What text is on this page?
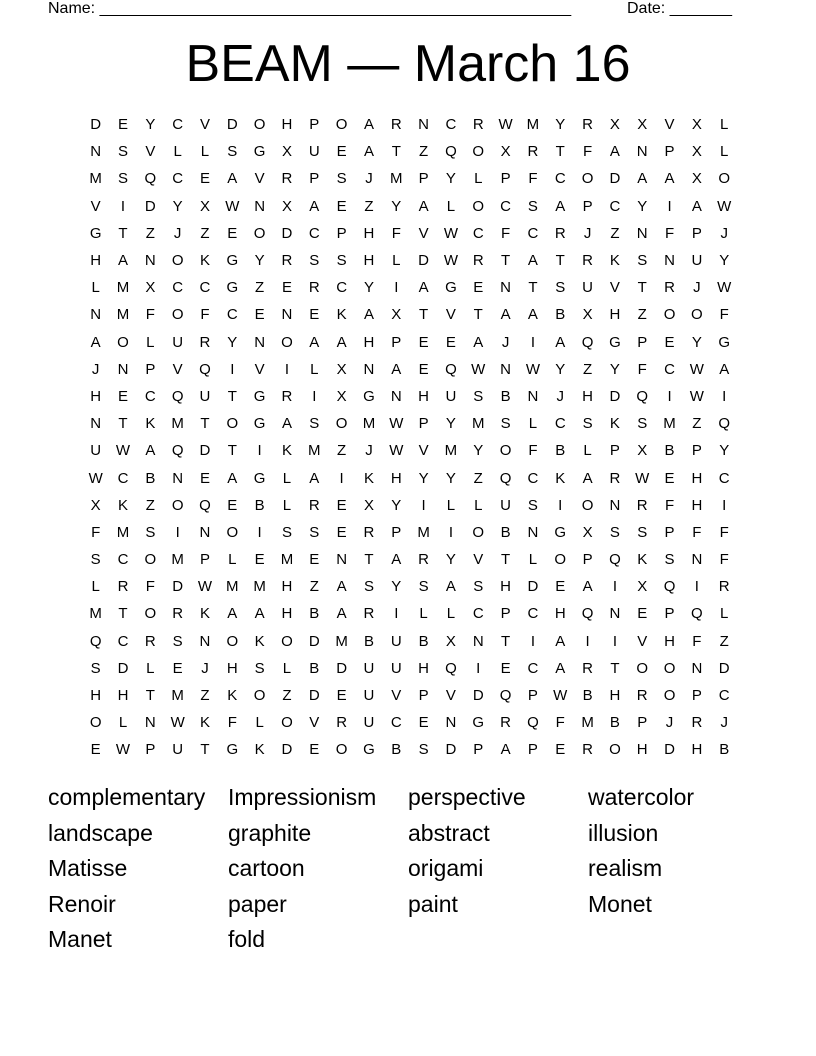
Name: _____________________________________________________	Date: _______
BEAM — March 16
D	E	Y	C	V	D	O	H	P	O	A	R	N	C	R W M	Y	R	X	X	V	X	L
N	S	V	L	L	S	G	X	U	E	A	T	Z	Q	O	X	R	T	F	A	N	P	X	L
M	S	Q	C	E	A	V	R	P	S	J	M	P	Y	L	P	F	C	O	D	A	A	X	O
V	I	D	Y	X	W N	X	A	E	Z	Y	A	L	O	C	S	A	P	C	Y	I	A	W
G	T	Z	J	Z	E	O	D	C	P	H	F	V	W C	F	C	R	J	Z	N	F	P	J
H	A	N	O	K	G	Y	R	S	S	H	L	D W R	T	A	T	R	K	S	N	U	Y
L	M	X	C	C	G	Z	E	R	C	Y	I	A	G	E	N	T	S	U	V	T	R	J	W
N	M	F	O	F	C	E	N	E	K	A	X	T	V	T	A	A	B	X	H	Z	O	O	F
A	O	L	U	R	Y	N	O	A	A	H	P	E	E	A	J	I	A	Q	G	P	E	Y	G
J	N	P	V	Q	I	V	I	L	X	N	A	E	Q W N W	Y	Z	Y	F	C W	A
H	E	C	Q	U	T	G	R	I	X	G	N	H	U	S	B	N	J	H	D	Q	I	W	I
N	T	K	M	T	O	G	A	S	O	M W	P	Y	M	S	L	C	S	K	S	M	Z	Q
U W	A	Q	D	T	I	K	M	Z	J	W	V	M	Y	O	F	B	L	P	X	B	P	Y
W C	B	N	E	A	G	L	A	I	K	H	Y	Y	Z	Q	C	K	A	R W	E	H	C
X	K	Z	O	Q	E	B	L	R	E	X	Y	I	L	L	U	S	I	O	N	R	F	H	I
F	M	S	I	N	O	I	S	S	E	R	P	M	I	O	B	N	G	X	S	S	P	F	F
S	C	O	M	P	L	E	M	E	N	T	A	R	Y	V	T	L	O	P	Q	K	S	N	F
L	R	F	D W M M	H	Z	A	S	Y	S	A	S	H	D	E	A	I	X	Q	I	R
M	T	O	R	K	A	A	H	B	A	R	I	L	L	C	P	C	H	Q	N	E	P	Q	L
Q	C	R	S	N	O	K	O	D	M	B	U	B	X	N	T	I	A	I	I	V	H	F	Z
S	D	L	E	J	H	S	L	B	D	U	U	H	Q	I	E	C	A	R	T	O	O	N	D
H	H	T	M	Z	K	O	Z	D	E	U	V	P	V	D	Q	P	W	B	H	R	O	P	C
O	L	N W	K	F	L	O	V	R	U	C	E	N	G	R	Q	F	M	B	P	J	R	J
E	W	P	U	T	G	K	D	E	O	G	B	S	D	P	A	P	E	R	O	H	D	H	B
complementary Impressionism	perspective	watercolor
landscape	graphite	abstract	illusion
Matisse	cartoon	origami	realism
Renoir	paper	paint	Monet
Manet	fold
